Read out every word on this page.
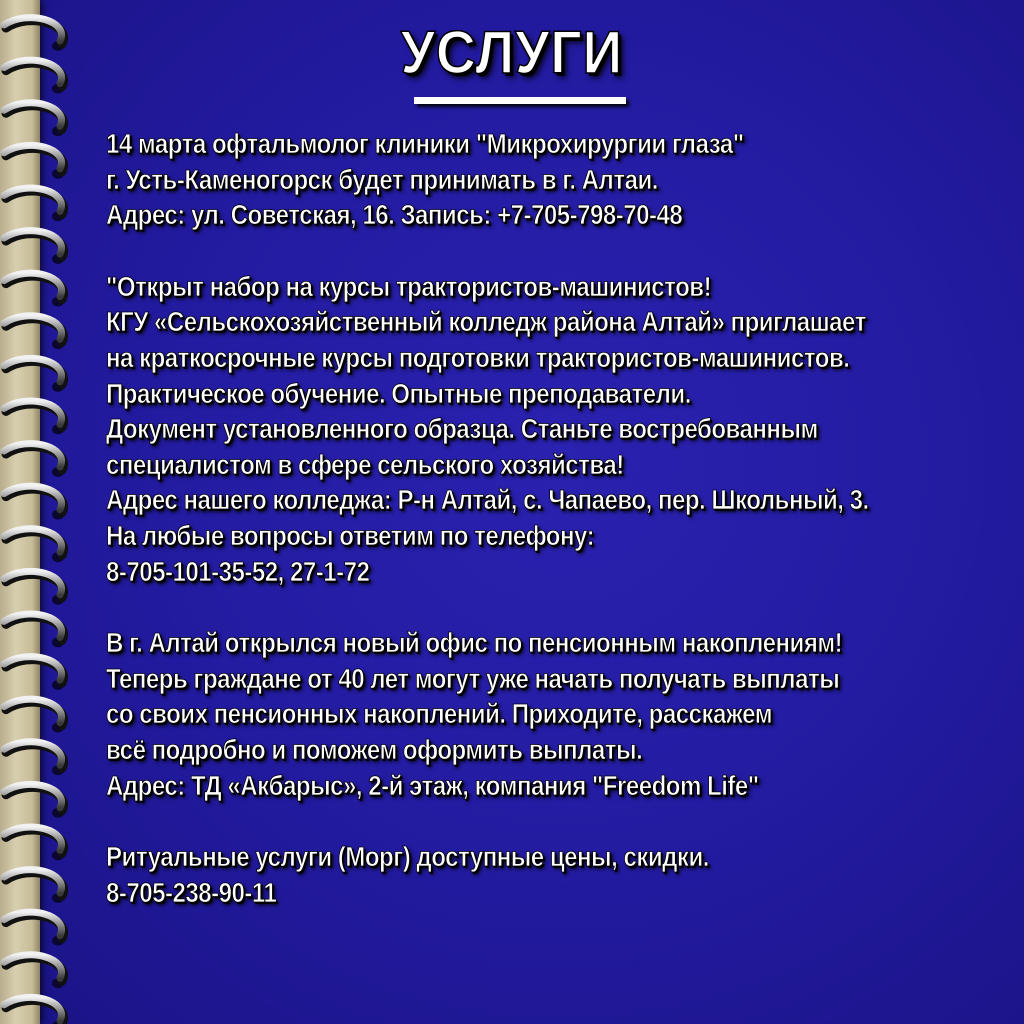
УСЛУГИ
14 марта офтальмолог клиники "Микрохирургии глаза"
г. Усть-Каменогорск будет принимать в г. Алтаи.
Адрес: ул. Советская, 16. Запись: +7-705-798-70-48
"Открыт набор на курсы трактористов-машинистов!
КГУ «Сельскохозяйственный колледж района Алтай» приглашает
на краткосрочные курсы подготовки трактористов-машинистов.
Практическое обучение. Опытные преподаватели.
Документ установленного образца. Станьте востребованным
специалистом в сфере сельского хозяйства!
Адрес нашего колледжа: Р-н Алтай, с. Чапаево, пер. Школьный, 3.
На любые вопросы ответим по телефону:
8-705-101-35-52, 27-1-72
В г. Алтай открылся новый офис по пенсионным накоплениям!
Теперь граждане от 40 лет могут уже начать получать выплаты
со своих пенсионных накоплений. Приходите, расскажем
всё подробно и поможем оформить выплаты.
Адрес: ТД «Акбарыс», 2-й этаж, компания "Freedom Life"
Ритуальные услуги (Морг) доступные цены, скидки.
8-705-238-90-11
